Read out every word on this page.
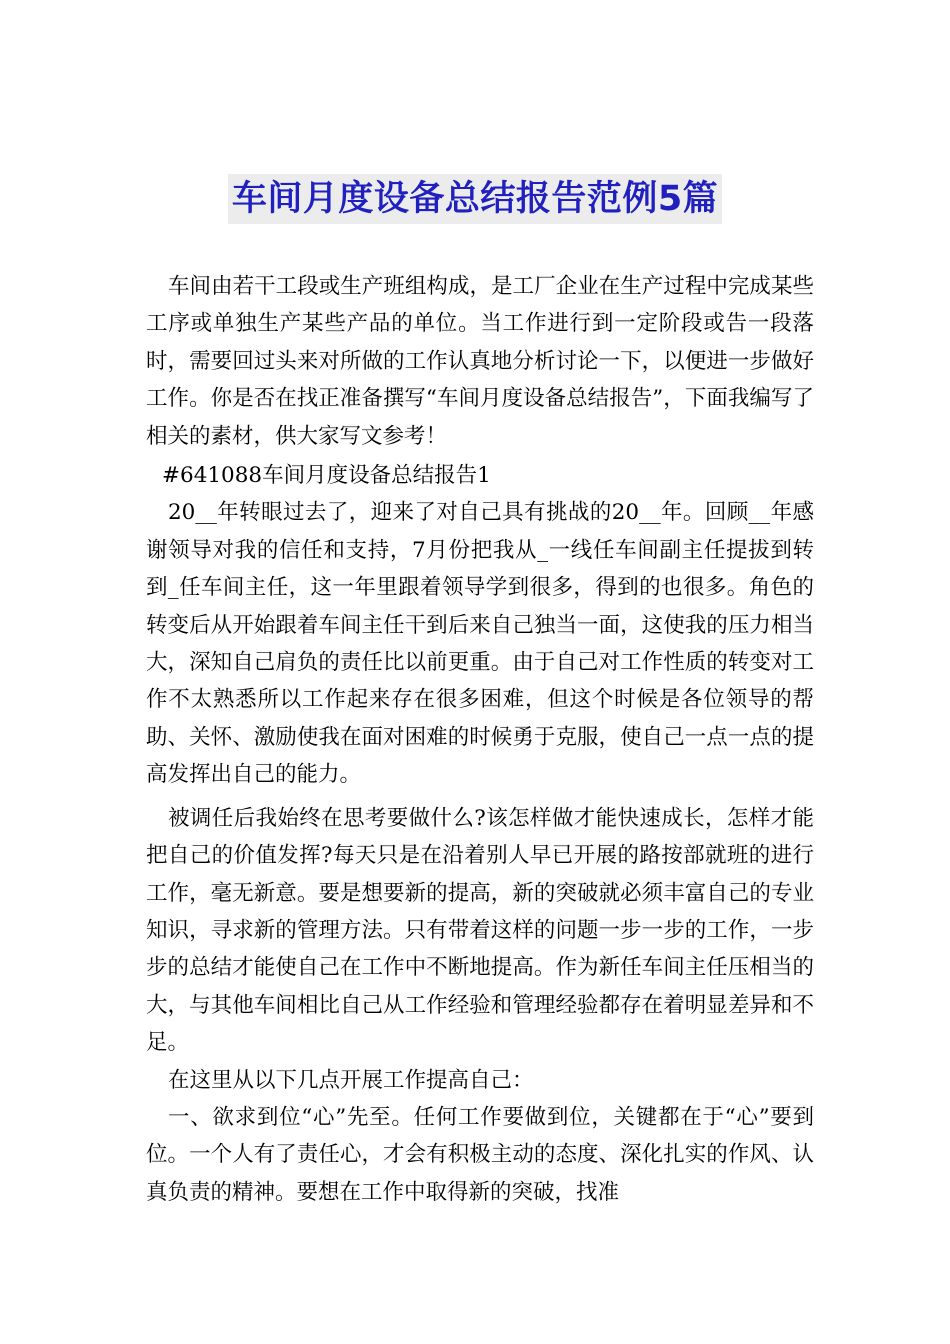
车间月度设备总结报告范例5篇

车间由若干工段或生产班组构成，是工厂企业在生产过程中完成某些工序或单独生产某些产品的单位。当工作进行到一定阶段或告一段落时，需要回过头来对所做的工作认真地分析讨论一下，以便进一步做好工作。你是否在找正准备撰写“车间月度设备总结报告”，下面我编写了相关的素材，供大家写文参考！

#641088车间月度设备总结报告1

20__年转眼过去了，迎来了对自己具有挑战的20__年。回顾__年感谢领导对我的信任和支持，7月份把我从_一线任车间副主任提拔到转到_任车间主任，这一年里跟着领导学到很多，得到的也很多。角色的转变后从开始跟着车间主任干到后来自己独当一面，这使我的压力相当大，深知自己肩负的责任比以前更重。由于自己对工作性质的转变对工作不太熟悉所以工作起来存在很多困难，但这个时候是各位领导的帮助、关怀、激励使我在面对困难的时候勇于克服，使自己一点一点的提高发挥出自己的能力。

被调任后我始终在思考要做什么?该怎样做才能快速成长，怎样才能把自己的价值发挥?每天只是在沿着别人早已开展的路按部就班的进行工作，毫无新意。要是想要新的提高，新的突破就必须丰富自己的专业知识，寻求新的管理方法。只有带着这样的问题一步一步的工作，一步步的总结才能使自己在工作中不断地提高。作为新任车间主任压相当的大，与其他车间相比自己从工作经验和管理经验都存在着明显差异和不足。

在这里从以下几点开展工作提高自己：

一、欲求到位“心”先至。任何工作要做到位，关键都在于“心”要到位。一个人有了责任心，才会有积极主动的态度、深化扎实的作风、认真负责的精神。要想在工作中取得新的突破，找准
